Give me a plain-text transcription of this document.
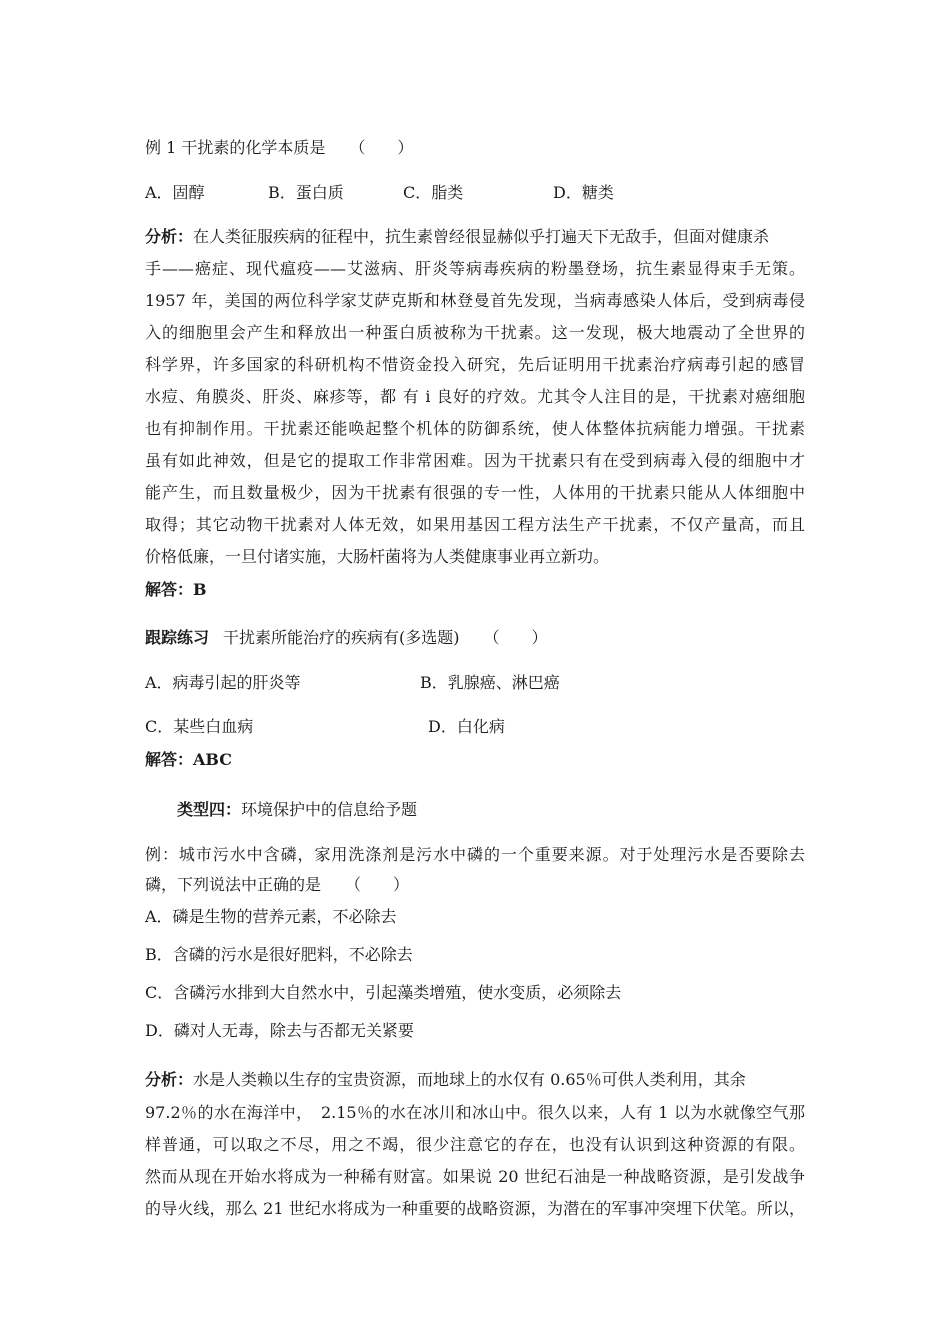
例 1 干扰素的化学本质是　　（　　）
A．固醇	B．蛋白质	C．脂类	D．糖类
分析：在人类征服疾病的征程中，抗生素曾经很显赫似乎打遍天下无敌手，但面对健康杀
手——癌症、现代瘟疫——艾滋病、肝炎等病毒疾病的粉墨登场，抗生素显得束手无策。
1957 年，美国的两位科学家艾萨克斯和林登曼首先发现，当病毒感染人体后，受到病毒侵
入的细胞里会产生和释放出一种蛋白质被称为干扰素。这一发现，极大地震动了全世界的
科学界，许多国家的科研机构不惜资金投入研究，先后证明用干扰素治疗病毒引起的感冒
水痘、角膜炎、肝炎、麻疹等，都 有 i 良好的疗效。尤其令人注目的是，干扰素对癌细胞
也有抑制作用。干扰素还能唤起整个机体的防御系统，使人体整体抗病能力增强。干扰素
虽有如此神效，但是它的提取工作非常困难。因为干扰素只有在受到病毒入侵的细胞中才
能产生，而且数量极少，因为干扰素有很强的专一性，人体用的干扰素只能从人体细胞中
取得；其它动物干扰素对人体无效，如果用基因工程方法生产干扰素，不仅产量高，而且
价格低廉，一旦付诸实施，大肠杆菌将为人类健康事业再立新功。
解答：B
跟踪练习 干扰素所能治疗的疾病有(多选题)　　（　　）
A．病毒引起的肝炎等	B．乳腺癌、淋巴癌
C．某些白血病	D．白化病
解答：ABC
类型四：环境保护中的信息给予题
例：城市污水中含磷，家用洗涤剂是污水中磷的一个重要来源。对于处理污水是否要除去
磷，下列说法中正确的是　　（　　）
A．磷是生物的营养元素，不必除去
B．含磷的污水是很好肥料，不必除去
C．含磷污水排到大自然水中，引起藻类增殖，使水变质，必须除去
D．磷对人无毒，除去与否都无关紧要
分析：水是人类赖以生存的宝贵资源，而地球上的水仅有 0.65％可供人类利用，其余
97.2％的水在海洋中，　2.15％的水在冰川和冰山中。很久以来，人有 1 以为水就像空气那
样普通，可以取之不尽，用之不竭，很少注意它的存在，也没有认识到这种资源的有限。
然而从现在开始水将成为一种稀有财富。如果说 20 世纪石油是一种战略资源，是引发战争
的导火线，那么 21 世纪水将成为一种重要的战略资源，为潜在的军事冲突埋下伏笔。所以，
